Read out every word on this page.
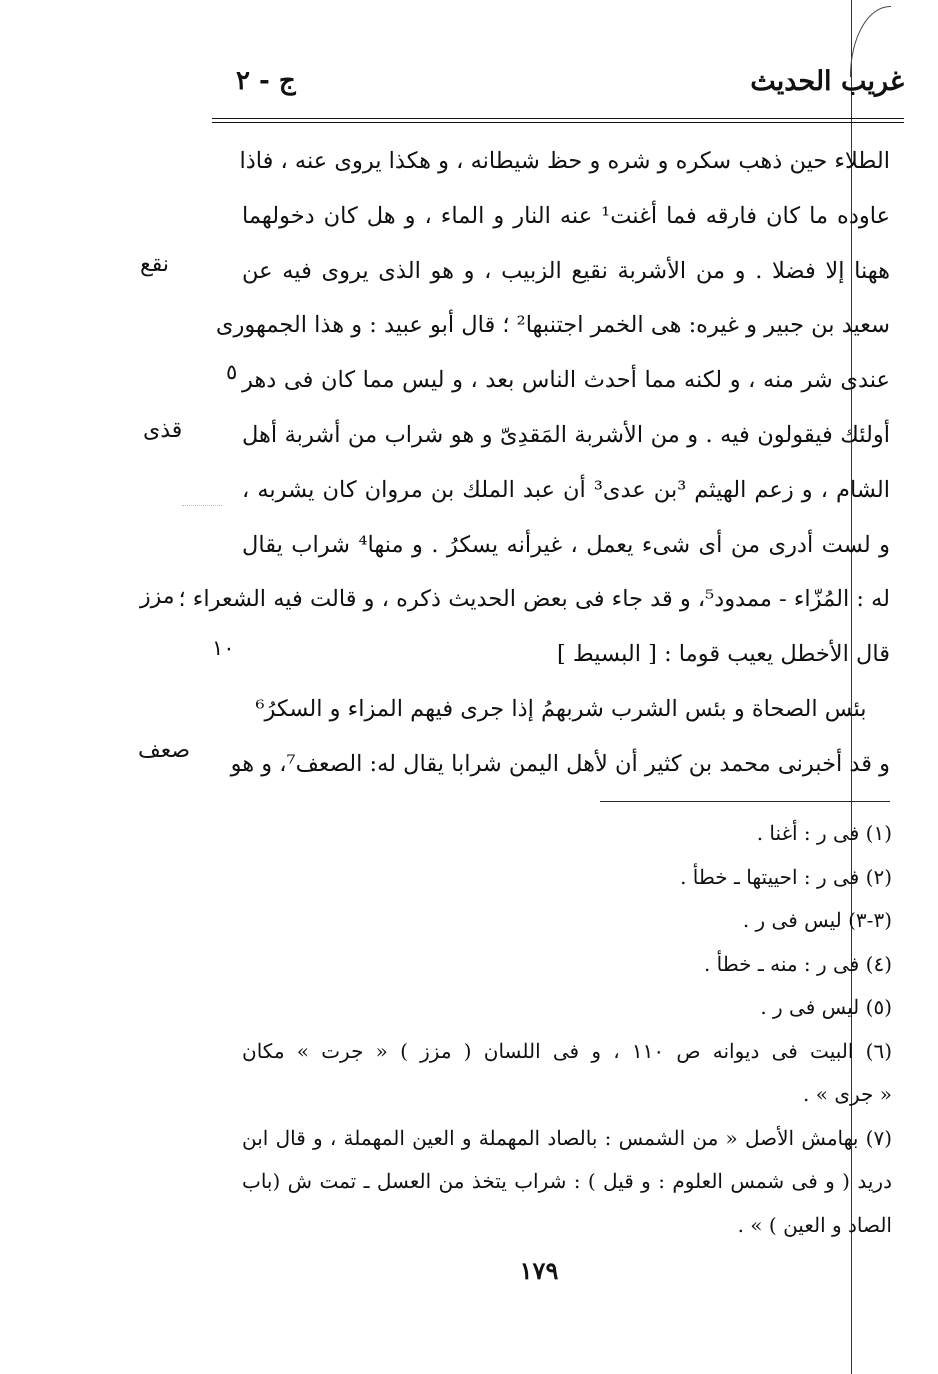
غريب الحديث
ج - ٢
الطلاء حين ذهب سكره و شره و حظ شيطانه ، و هكذا يروى عنه ، فاذا
عاوده ما كان فارقه فما أغنت¹ عنه النار و الماء ، و هل كان دخولهما
ههنا إلا فضلا . و من الأشربة نقيع الزبيب ، و هو الذى يروى فيه عن
سعيد بن جبير و غيره: هى الخمر اجتنبها² ؛ قال أبو عبيد : و هذا الجمهورى
عندى شر منه ، و لكنه مما أحدث الناس بعد ، و ليس مما كان فى دهر
أولئك فيقولون فيه . و من الأشربة المَقدِىّ و هو شراب من أشربة أهل
الشام ، و زعم الهيثم ³بن عدى³ أن عبد الملك بن مروان كان يشربه ،
و لست أدرى من أى شىء يعمل ، غيرأنه يسكرُ . و منها⁴ شراب يقال
له : المُزّاء - ممدود⁵، و قد جاء فى بعض الحديث ذكره ، و قالت فيه الشعراء ؛
قال الأخطل يعيب قوما : [ البسيط ]
بئس الصحاة و بئس الشرب شربهمُ إذا جرى فيهم المزاء و السكرُ⁶
و قد أخبرنى محمد بن كثير أن لأهل اليمن شرابا يقال له: الصعف⁷، و هو
نقع
قذى
مزز
صعف
٥
١٠
(١) فى ر : أغنا .
(٢) فى ر : احييتها ـ خطأ .
(٣-٣) ليس فى ر .
(٤) فى ر : منه ـ خطأ .
(٥) ليس فى ر .
(٦) البيت فى ديوانه ص ١١٠ ، و فى اللسان ( مزز ) « جرت » مكان
« جرى » .
(٧) بهامش الأصل « من الشمس : بالصاد المهملة و العين المهملة ، و قال ابن
دريد ( و فى شمس العلوم : و قيل ) : شراب يتخذ من العسل ـ تمت ش (باب
الصاد و العين ) » .
١٧٩
